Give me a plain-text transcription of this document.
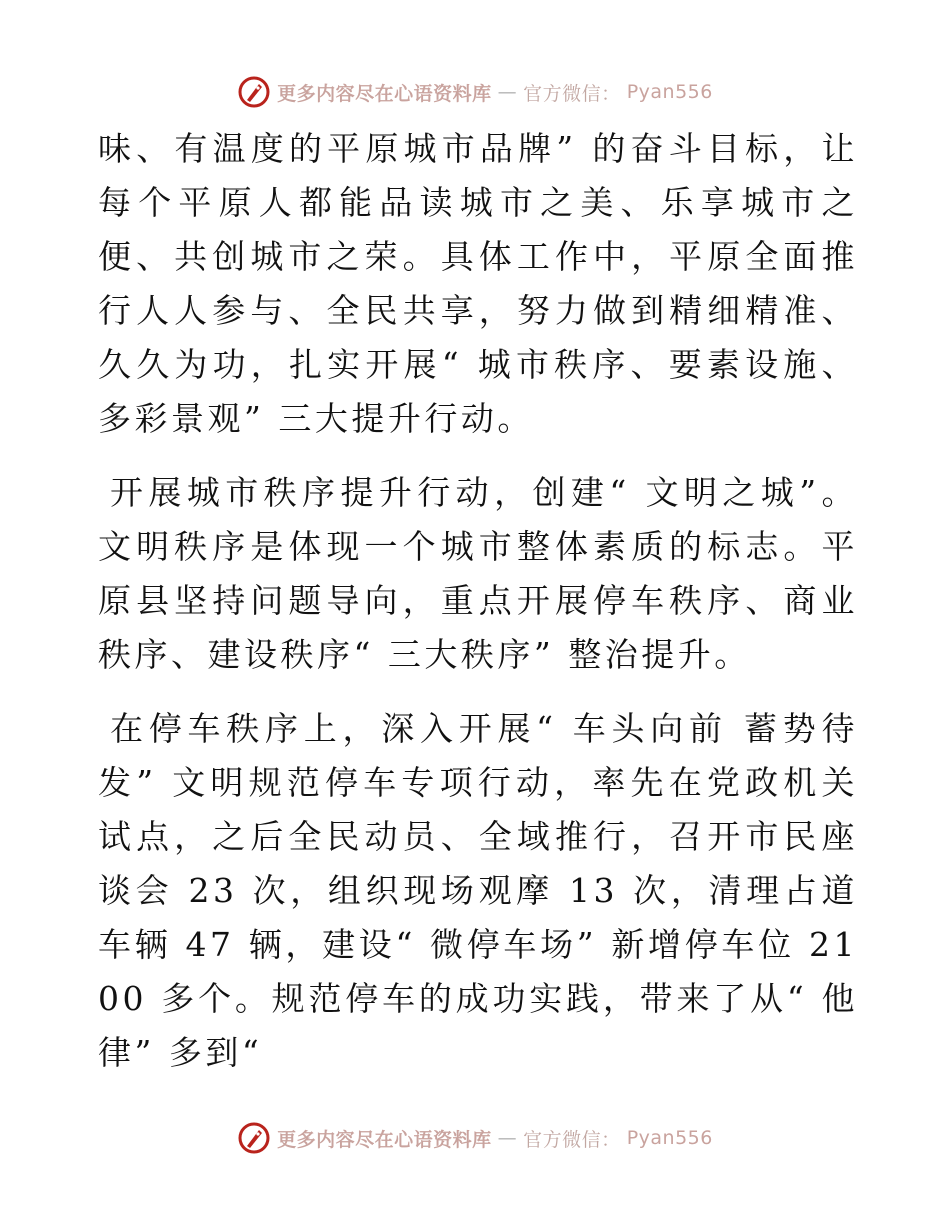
更多内容尽在心语资料库 — 官方微信： Pyan556

味、有温度的平原城市品牌” 的奋斗目标，让每个平原人都能品读城市之美、乐享城市之便、共创城市之荣。具体工作中，平原全面推行人人参与、全民共享，努力做到精细精准、久久为功，扎实开展“ 城市秩序、要素设施、多彩景观” 三大提升行动。

开展城市秩序提升行动，创建“ 文明之城”。文明秩序是体现一个城市整体素质的标志。平原县坚持问题导向，重点开展停车秩序、商业秩序、建设秩序“ 三大秩序” 整治提升。

在停车秩序上，深入开展“ 车头向前 蓄势待发” 文明规范停车专项行动，率先在党政机关试点，之后全民动员、全域推行，召开市民座谈会 23 次，组织现场观摩 13 次，清理占道车辆 47 辆，建设“ 微停车场” 新增停车位 2100 多个。规范停车的成功实践，带来了从“ 他律” 多到“

更多内容尽在心语资料库 — 官方微信： Pyan556
